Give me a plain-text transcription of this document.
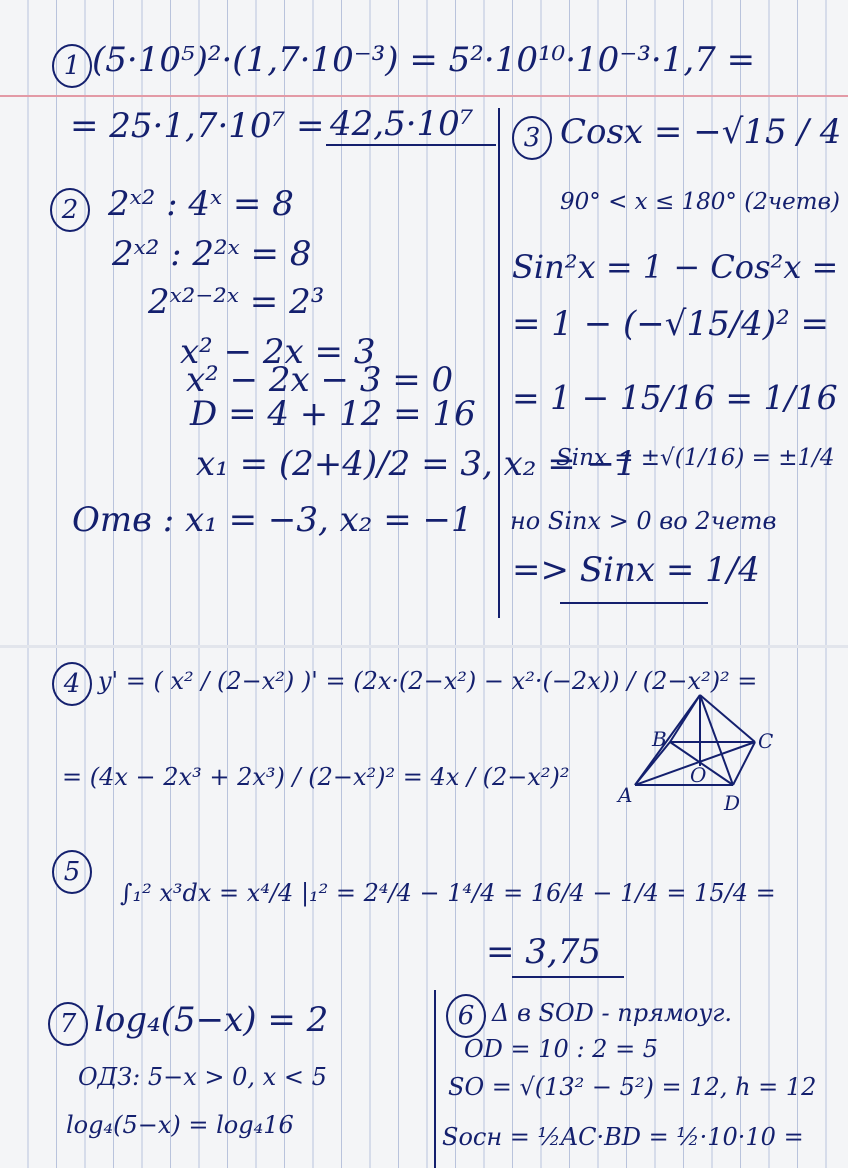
1 (5·10⁵)²·(1,7·10⁻³) = 5²·10¹⁰·10⁻³·1,7 =
= 25·1,7·10⁷ = 42,5·10⁷
2 2ˣ² : 4ˣ = 8
2ˣ² : 2²ˣ = 8
2ˣ²⁻²ˣ = 2³
x² − 2x = 3
x² − 2x − 3 = 0
D = 4 + 12 = 16
x₁ = (2+4)/2 = 3, x₂ = −1
Отв : x₁ = −3, x₂ = −1
3 Cosx = −√15 / 4
90° < x ≤ 180° (2четв)
Sin²x = 1 − Cos²x =
= 1 − (−√15/4)² =
= 1 − 15/16 = 1/16
Sinx = ±√(1/16) = ±1/4
но Sinx > 0 во 2четв
=> Sinx = 1/4
4 y' = ( x² / (2−x²) )' = (2x·(2−x²) − x²·(−2x)) / (2−x²)² =
= (4x − 2x³ + 2x³) / (2−x²)² = 4x / (2−x²)²
B	C
A
O
D
5
∫₁² x³dx = x⁴/4 |₁² = 2⁴/4 − 1⁴/4 = 16/4 − 1/4 = 15/4 =
= 3,75
7 log₄(5−x) = 2
ОДЗ: 5−x > 0, x < 5
log₄(5−x) = log₄16
6 Δ в SOD - прямоуг.
OD = 10 : 2 = 5
SO = √(13² − 5²) = 12, h = 12
Sосн = ½AC·BD = ½·10·10 =
